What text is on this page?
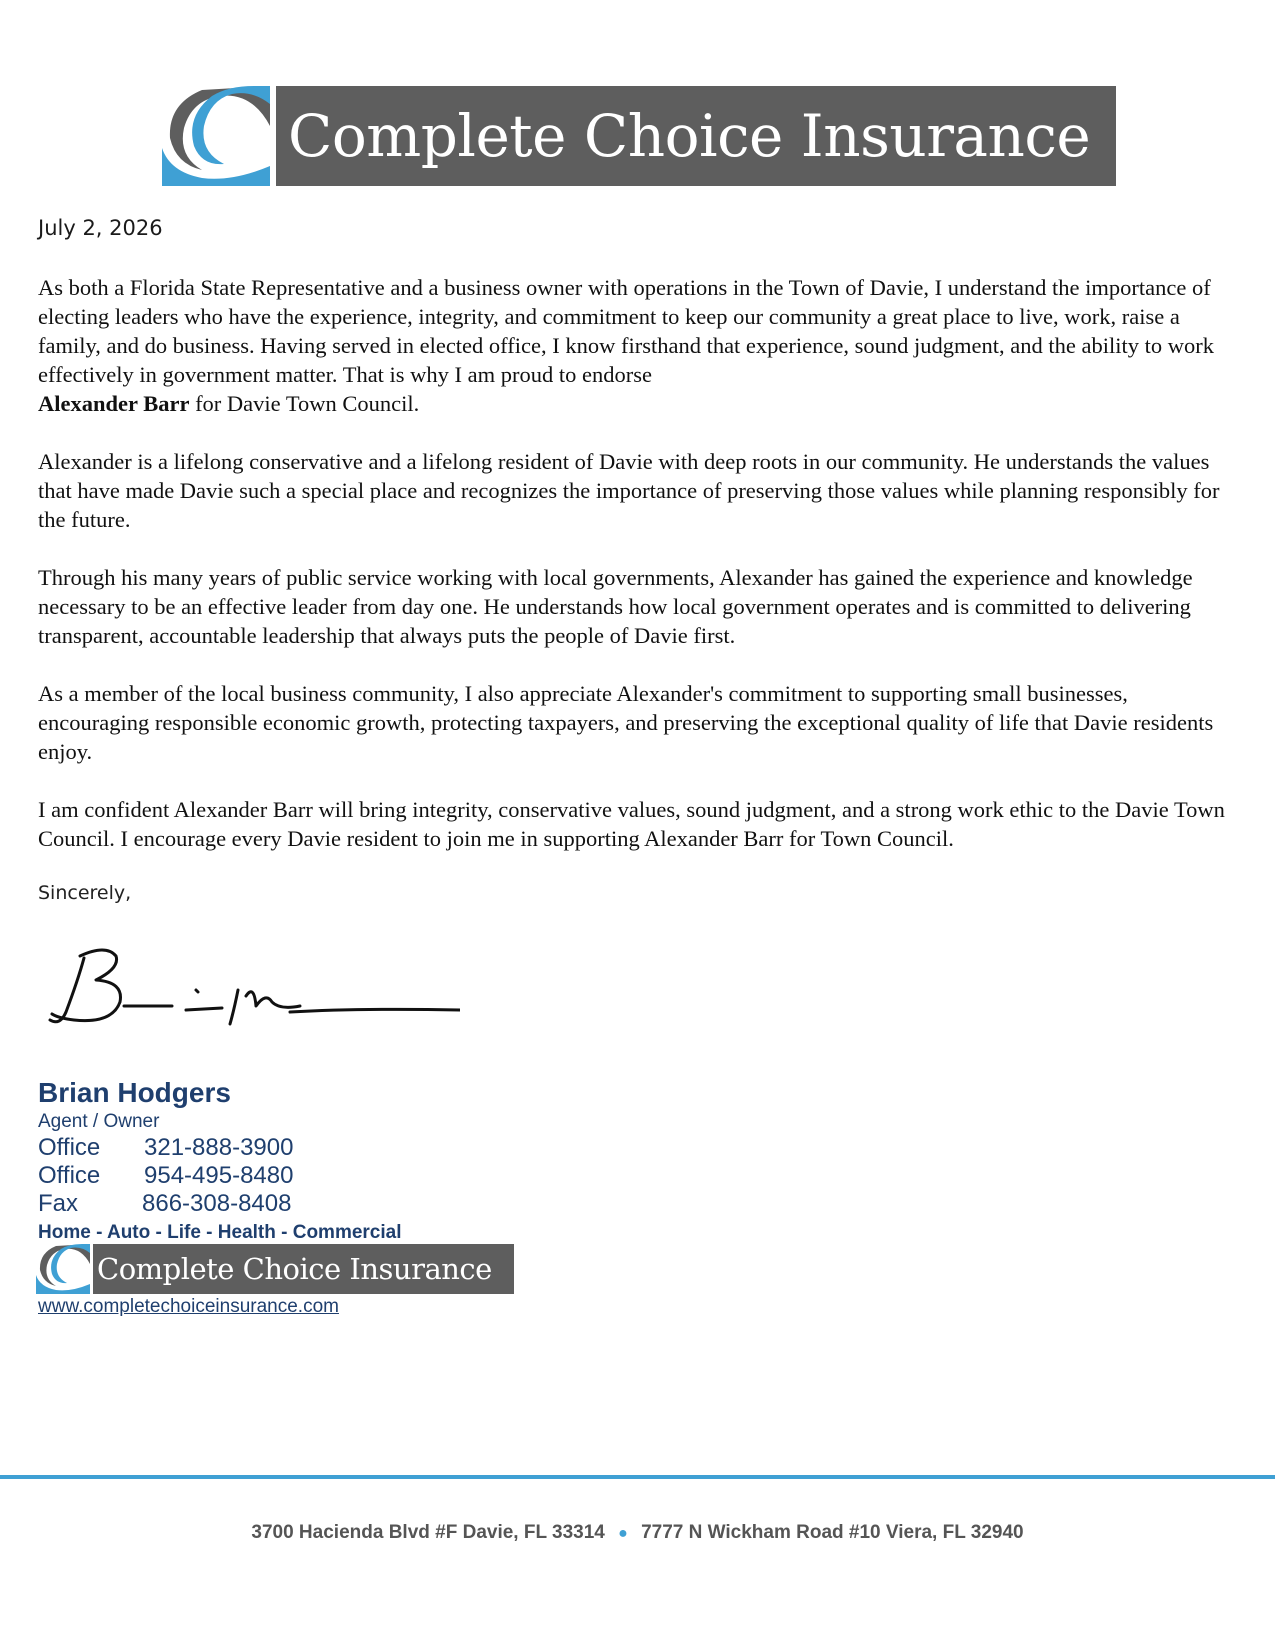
Complete Choice Insurance
July 2, 2026

As both a Florida State Representative and a business owner with operations in the Town of Davie, I understand the importance of electing leaders who have the experience, integrity, and commitment to keep our community a great place to live, work, raise a family, and do business. Having served in elected office, I know firsthand that experience, sound judgment, and the ability to work effectively in government matter. That is why I am proud to endorse
Alexander Barr for Davie Town Council.

Alexander is a lifelong conservative and a lifelong resident of Davie with deep roots in our community. He understands the values that have made Davie such a special place and recognizes the importance of preserving those values while planning responsibly for the future.

Through his many years of public service working with local governments, Alexander has gained the experience and knowledge necessary to be an effective leader from day one. He understands how local government operates and is committed to delivering transparent, accountable leadership that always puts the people of Davie first.

As a member of the local business community, I also appreciate Alexander's commitment to supporting small businesses, encouraging responsible economic growth, protecting taxpayers, and preserving the exceptional quality of life that Davie residents enjoy.

I am confident Alexander Barr will bring integrity, conservative values, sound judgment, and a strong work ethic to the Davie Town Council. I encourage every Davie resident to join me in supporting Alexander Barr for Town Council.

Sincerely,
Brian Hodgers
Agent / Owner
Office	321-888-3900
Office	954-495-8480
Fax	866-308-8408
Home - Auto - Life - Health - Commercial
Complete Choice Insurance
www.completechoiceinsurance.com
3700 Hacienda Blvd #F Davie, FL 33314 ● 7777 N Wickham Road #10 Viera, FL 32940
